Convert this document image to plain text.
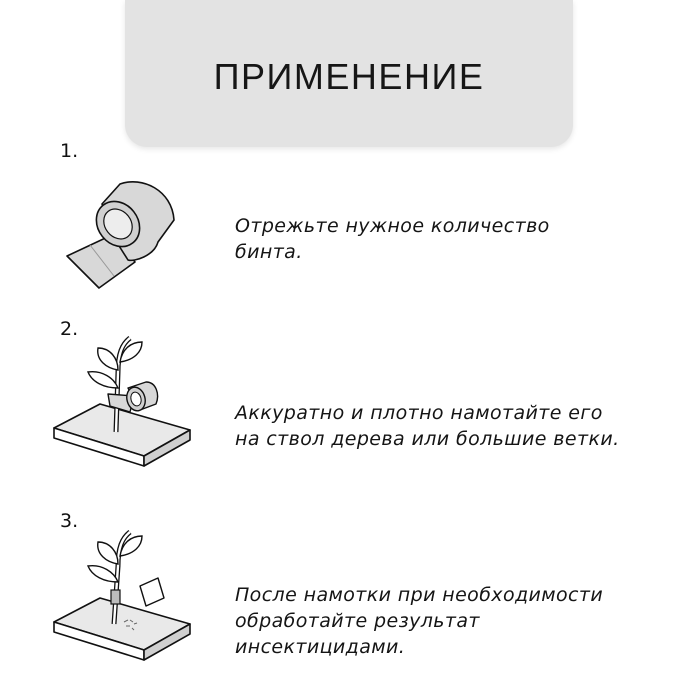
ПРИМЕНЕНИЕ
1.
Отрежьте нужное количество
бинта.
2.
Аккуратно и плотно намотайте его
на ствол дерева или большие ветки.
3.
После намотки при необходимости
обработайте результат
инсектицидами.
